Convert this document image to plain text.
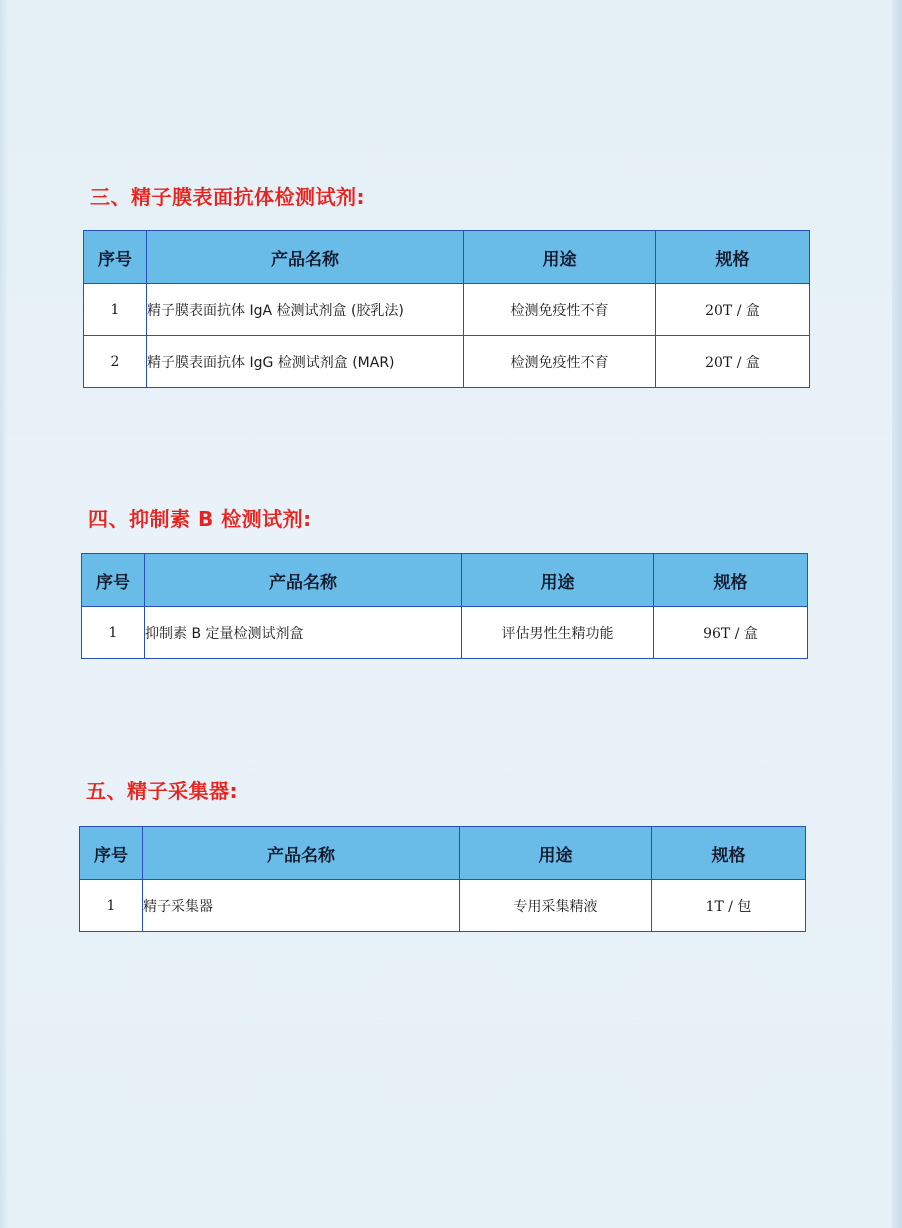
三、精子膜表面抗体检测试剂:
序号	产品名称	用途	规格
1	精子膜表面抗体 IgA 检测试剂盒 (胶乳法)	检测免疫性不育	20T / 盒
2	精子膜表面抗体 IgG 检测试剂盒 (MAR)	检测免疫性不育	20T / 盒
四、抑制素 B 检测试剂:
序号	产品名称	用途	规格
1	抑制素 B 定量检测试剂盒	评估男性生精功能	96T / 盒
五、精子采集器:
序号	产品名称	用途	规格
1	精子采集器	专用采集精液	1T / 包
